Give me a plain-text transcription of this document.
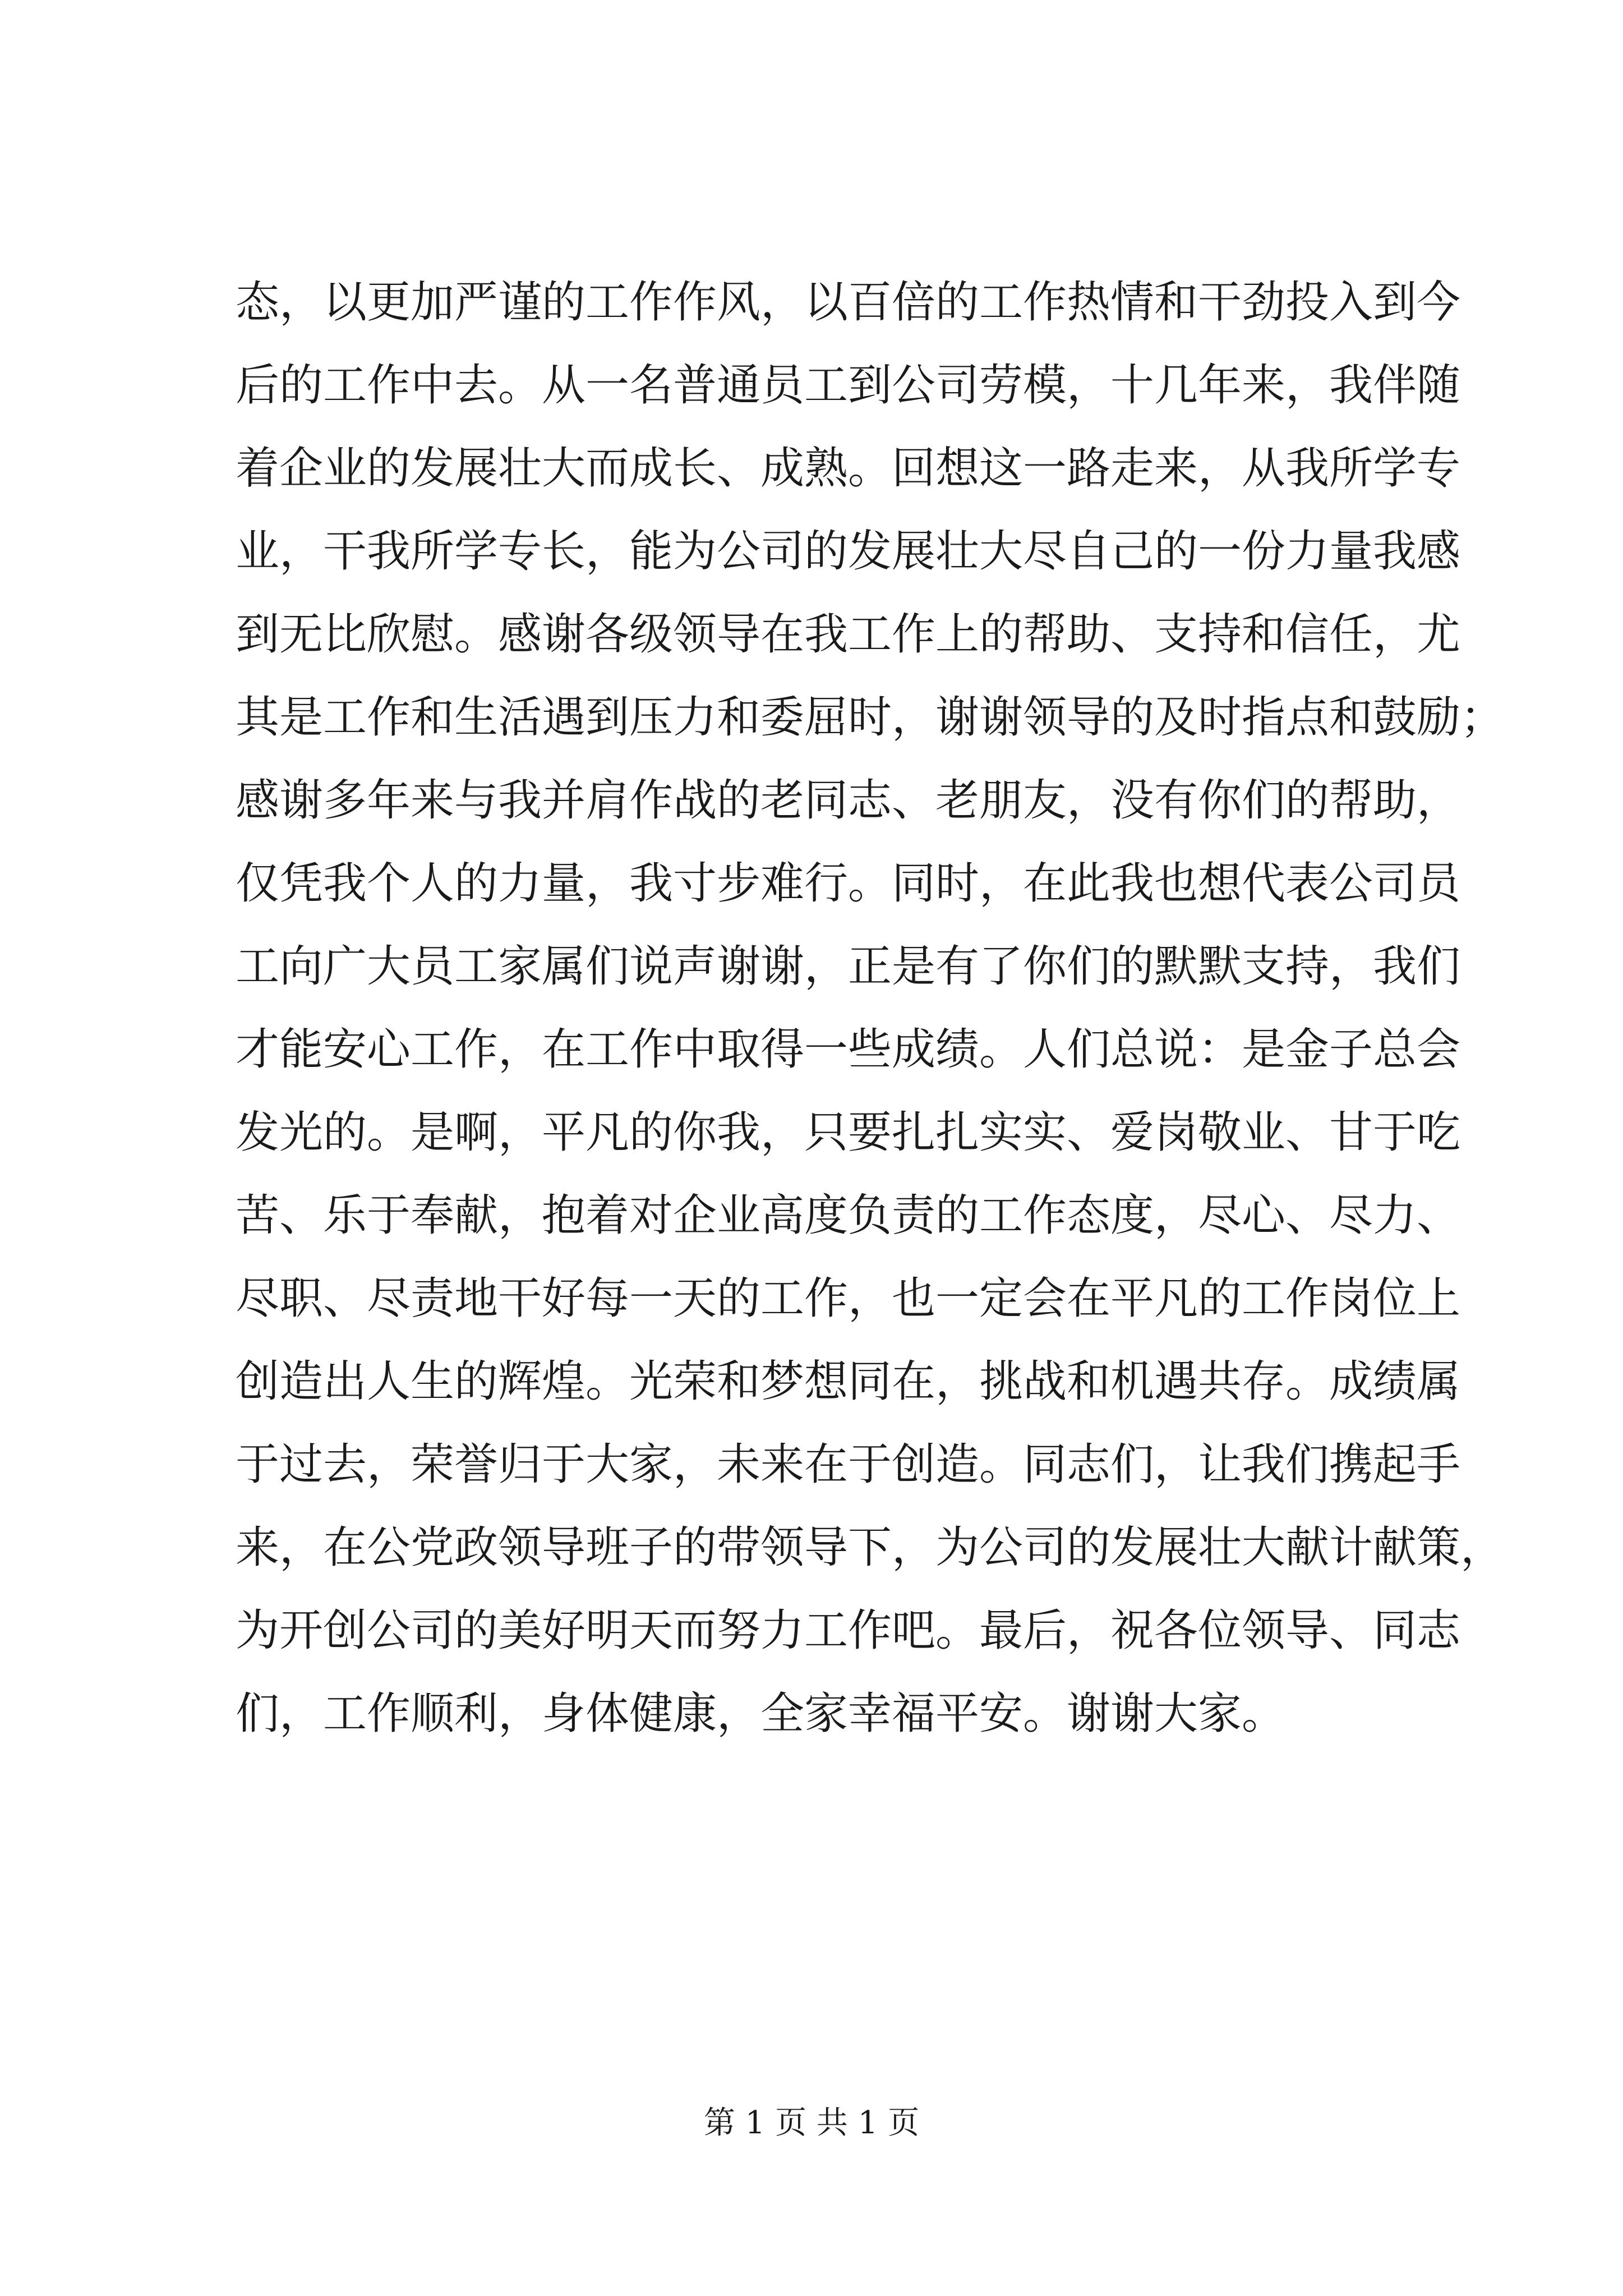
态，以更加严谨的工作作风，以百倍的工作热情和干劲投入到今
后的工作中去。从一名普通员工到公司劳模，十几年来，我伴随
着企业的发展壮大而成长、成熟。回想这一路走来，从我所学专
业，干我所学专长，能为公司的发展壮大尽自己的一份力量我感
到无比欣慰。感谢各级领导在我工作上的帮助、支持和信任，尤
其是工作和生活遇到压力和委屈时，谢谢领导的及时指点和鼓励；
感谢多年来与我并肩作战的老同志、老朋友，没有你们的帮助，
仅凭我个人的力量，我寸步难行。同时，在此我也想代表公司员
工向广大员工家属们说声谢谢，正是有了你们的默默支持，我们
才能安心工作，在工作中取得一些成绩。人们总说：是金子总会
发光的。是啊，平凡的你我，只要扎扎实实、爱岗敬业、甘于吃
苦、乐于奉献，抱着对企业高度负责的工作态度，尽心、尽力、
尽职、尽责地干好每一天的工作，也一定会在平凡的工作岗位上
创造出人生的辉煌。光荣和梦想同在，挑战和机遇共存。成绩属
于过去，荣誉归于大家，未来在于创造。同志们，让我们携起手
来，在公党政领导班子的带领导下，为公司的发展壮大献计献策，
为开创公司的美好明天而努力工作吧。最后，祝各位领导、同志
们，工作顺利，身体健康，全家幸福平安。谢谢大家。
第 1 页 共 1 页
